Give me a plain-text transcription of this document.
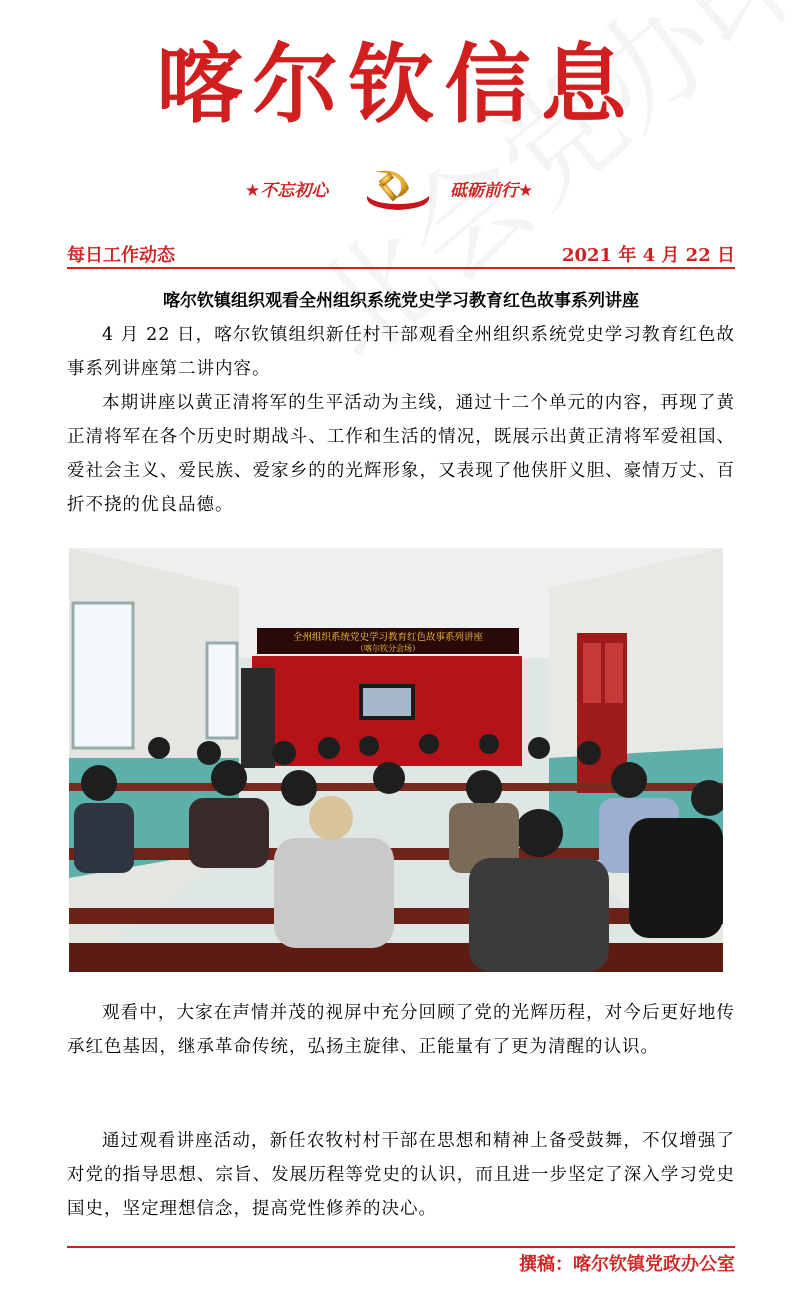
喀尔钦信息
★不忘初心	砥砺前行★
每日工作动态	2021 年 4 月 22 日
喀尔钦镇组织观看全州组织系统党史学习教育红色故事系列讲座
4 月 22 日，喀尔钦镇组织新任村干部观看全州组织系统党史学习教育红色故事系列讲座第二讲内容。
本期讲座以黄正清将军的生平活动为主线，通过十二个单元的内容，再现了黄正清将军在各个历史时期战斗、工作和生活的情况，既展示出黄正清将军爱祖国、爱社会主义、爱民族、爱家乡的的光辉形象，又表现了他侠肝义胆、豪情万丈、百折不挠的优良品德。
全州组织系统党史学习教育红色故事系列讲座
（喀尔钦分会场）
观看中，大家在声情并茂的视屏中充分回顾了党的光辉历程，对今后更好地传承红色基因，继承革命传统，弘扬主旋律、正能量有了更为清醒的认识。
通过观看讲座活动，新任农牧村村干部在思想和精神上备受鼓舞，不仅增强了对党的指导思想、宗旨、发展历程等党史的认识，而且进一步坚定了深入学习党史国史，坚定理想信念，提高党性修养的决心。
撰稿：喀尔钦镇党政办公室
